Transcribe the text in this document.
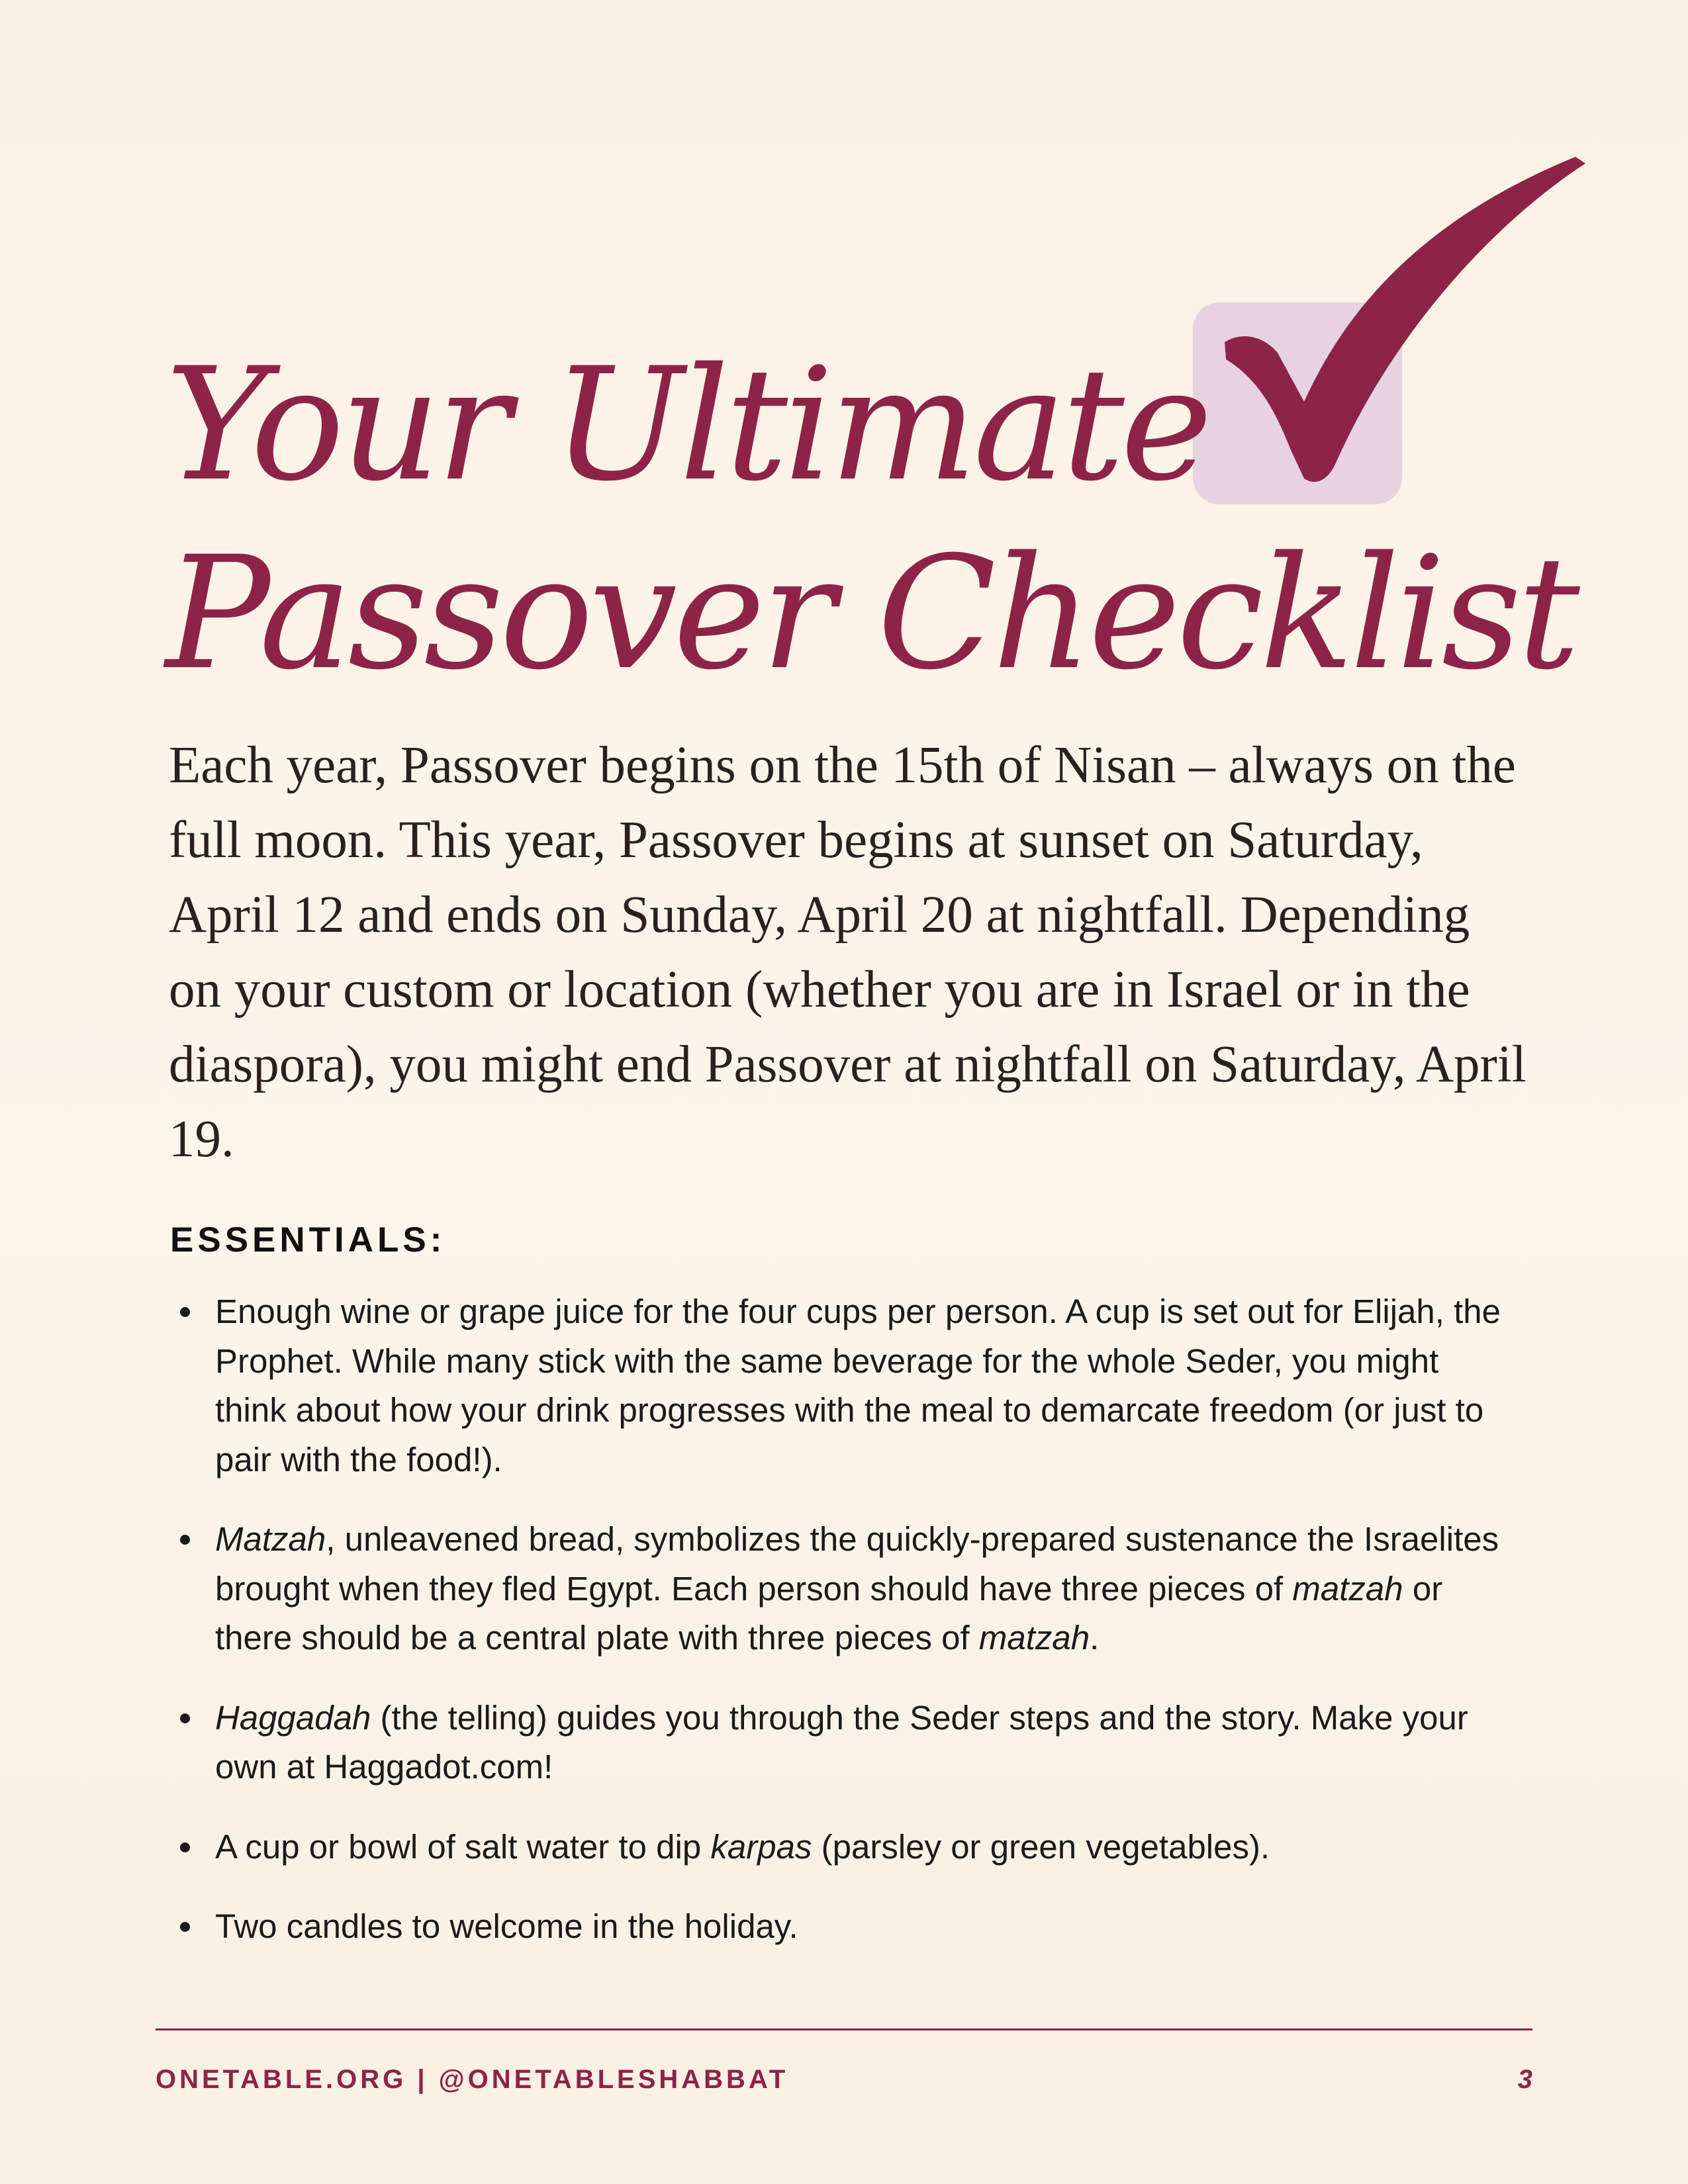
Your Ultimate
Passover Checklist

Each year, Passover begins on the 15th of Nisan – always on the full moon. This year, Passover begins at sunset on Saturday, April 12 and ends on Sunday, April 20 at nightfall. Depending on your custom or location (whether you are in Israel or in the diaspora), you might end Passover at nightfall on Saturday, April 19.

ESSENTIALS:
Enough wine or grape juice for the four cups per person. A cup is set out for Elijah, the Prophet. While many stick with the same beverage for the whole Seder, you might think about how your drink progresses with the meal to demarcate freedom (or just to pair with the food!).
Matzah, unleavened bread, symbolizes the quickly-prepared sustenance the Israelites brought when they fled Egypt. Each person should have three pieces of matzah or there should be a central plate with three pieces of matzah.
Haggadah (the telling) guides you through the Seder steps and the story. Make your own at Haggadot.com!
A cup or bowl of salt water to dip karpas (parsley or green vegetables).
Two candles to welcome in the holiday.
ONETABLE.ORG | @ONETABLESHABBAT	3
